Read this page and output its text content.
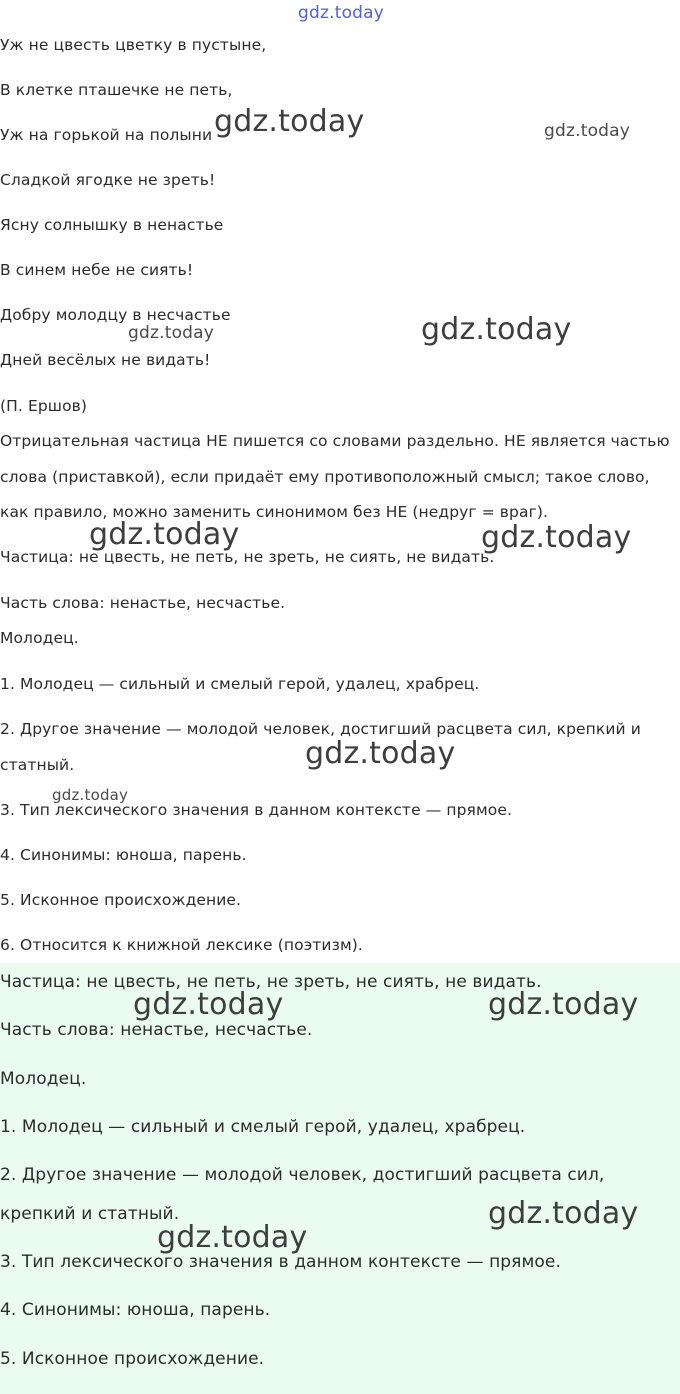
gdz.today
Уж не цвесть цветку в пустыне,
В клетке пташечке не петь,
Уж на горькой на полыни
Сладкой ягодке не зреть!
Ясну солнышку в ненастье
В синем небе не сиять!
Добру молодцу в несчастье
Дней весёлых не видать!
(П. Ершов)
Отрицательная частица НЕ пишется со словами раздельно. НЕ является частью
слова (приставкой), если придаёт ему противоположный смысл; такое слово,
как правило, можно заменить синонимом без НЕ (недруг = враг).
Частица: не цвесть, не петь, не зреть, не сиять, не видать.
Часть слова: ненастье, несчастье.
Молодец.
1. Молодец — сильный и смелый герой, удалец, храбрец.
2. Другое значение — молодой человек, достигший расцвета сил, крепкий и
статный.
3. Тип лексического значения в данном контексте — прямое.
4. Синонимы: юноша, парень.
5. Исконное происхождение.
6. Относится к книжной лексике (поэтизм).
Частица: не цвесть, не петь, не зреть, не сиять, не видать.
Часть слова: ненастье, несчастье.
Молодец.
1. Молодец — сильный и смелый герой, удалец, храбрец.
2. Другое значение — молодой человек, достигший расцвета сил,
крепкий и статный.
3. Тип лексического значения в данном контексте — прямое.
4. Синонимы: юноша, парень.
5. Исконное происхождение.
gdz.today	gdz.today
gdz.today	gdz.today
gdz.today	gdz.today
gdz.today
gdz.today
gdz.today	gdz.today
gdz.today
gdz.today
